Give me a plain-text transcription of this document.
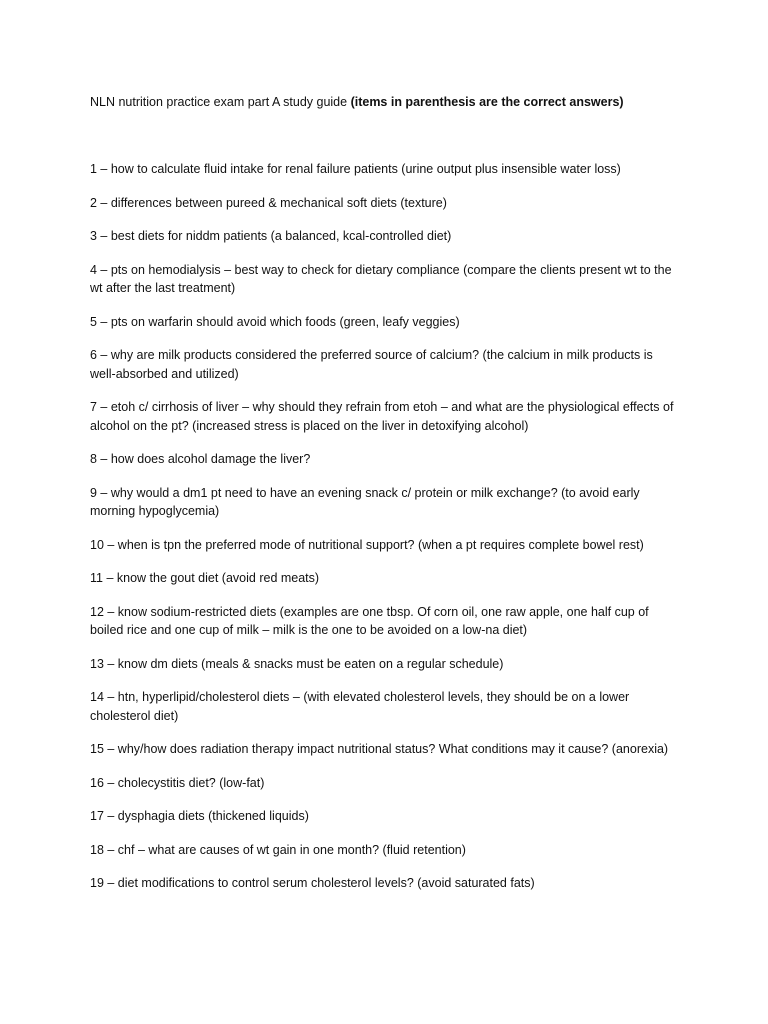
NLN nutrition practice exam part A study guide (items in parenthesis are the correct answers)
1 – how to calculate fluid intake for renal failure patients (urine output plus insensible water loss)
2 – differences between pureed & mechanical soft diets (texture)
3 – best diets for niddm patients (a balanced, kcal-controlled diet)
4 – pts on hemodialysis – best way to check for dietary compliance (compare the clients present wt to the wt after the last treatment)
5 – pts on warfarin should avoid which foods (green, leafy veggies)
6 – why are milk products considered the preferred source of calcium? (the calcium in milk products is well-absorbed and utilized)
7 – etoh c/ cirrhosis of liver – why should they refrain from etoh – and what are the physiological effects of alcohol on the pt? (increased stress is placed on the liver in detoxifying alcohol)
8 – how does alcohol damage the liver?
9 – why would a dm1 pt need to have an evening snack c/ protein or milk exchange? (to avoid early morning hypoglycemia)
10 – when is tpn the preferred mode of nutritional support? (when a pt requires complete bowel rest)
11 – know the gout diet (avoid red meats)
12 – know sodium-restricted diets (examples are one tbsp. Of corn oil, one raw apple, one half cup of boiled rice and one cup of milk – milk is the one to be avoided on a low-na diet)
13 – know dm diets (meals & snacks must be eaten on a regular schedule)
14 – htn, hyperlipid/cholesterol diets – (with elevated cholesterol levels, they should be on a lower cholesterol diet)
15 – why/how does radiation therapy impact nutritional status? What conditions may it cause? (anorexia)
16 – cholecystitis diet? (low-fat)
17 – dysphagia diets (thickened liquids)
18 – chf – what are causes of wt gain in one month? (fluid retention)
19 – diet modifications to control serum cholesterol levels? (avoid saturated fats)
